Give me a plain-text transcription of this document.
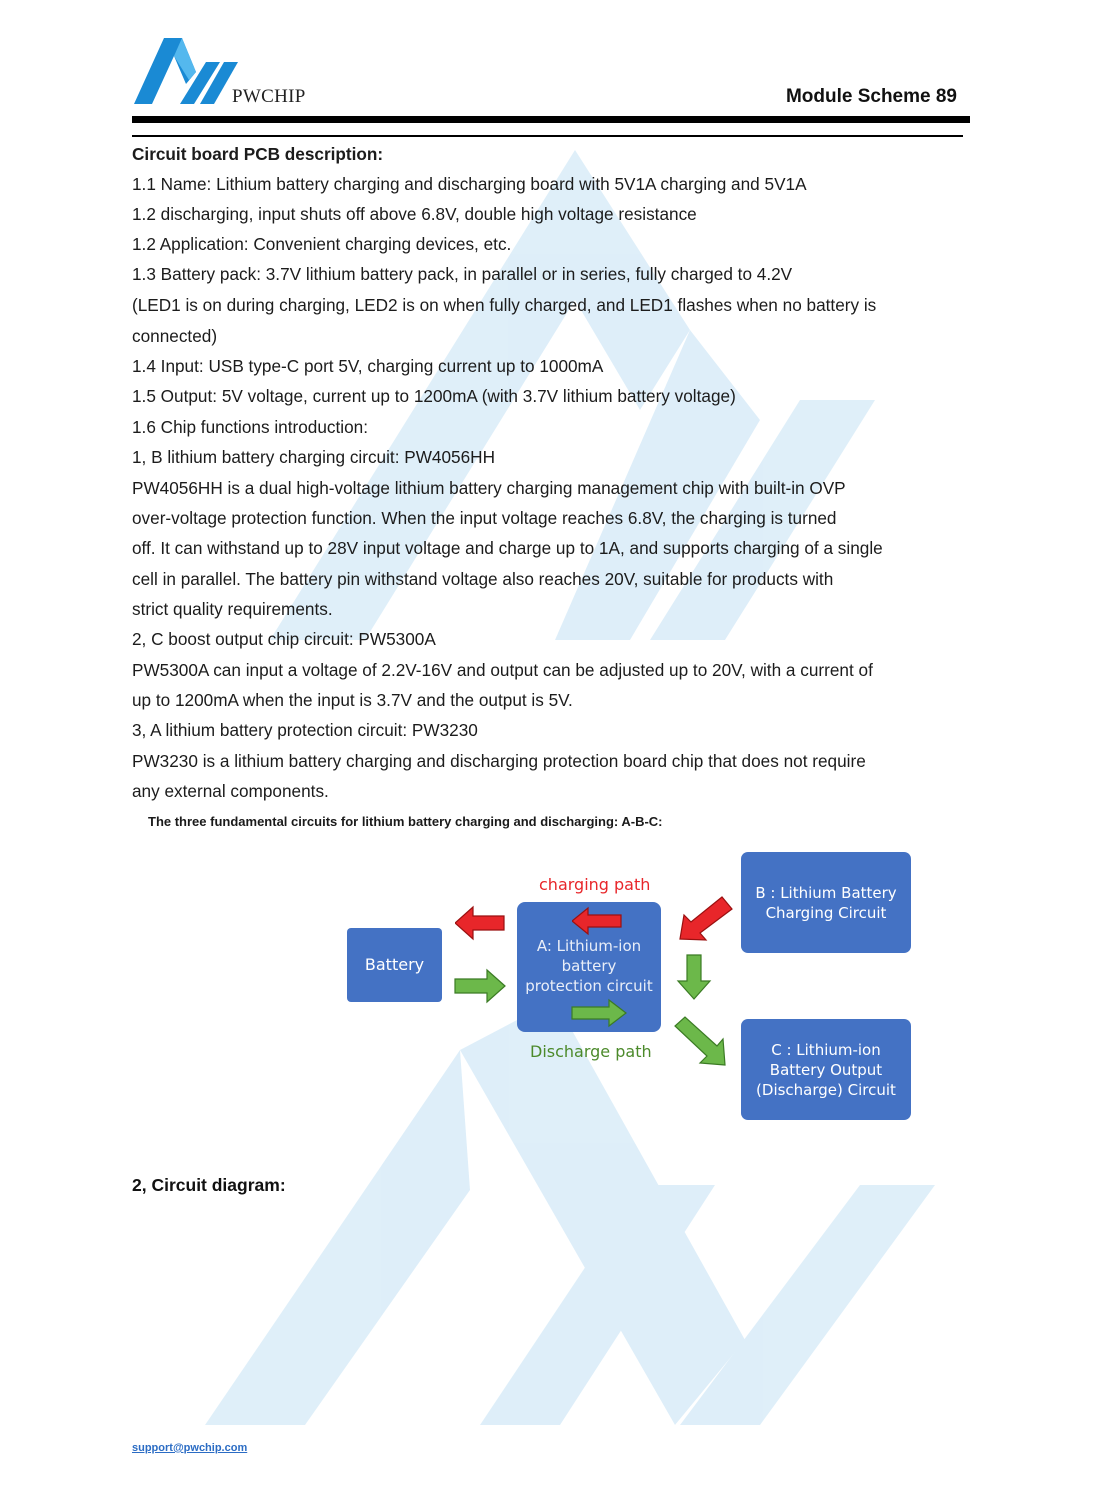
PWCHIP	Module Scheme 89
Circuit board PCB description:
1.1 Name: Lithium battery charging and discharging board with 5V1A charging and 5V1A
1.2 discharging, input shuts off above 6.8V, double high voltage resistance
1.2 Application: Convenient charging devices, etc.
1.3 Battery pack: 3.7V lithium battery pack, in parallel or in series, fully charged to 4.2V
(LED1 is on during charging, LED2 is on when fully charged, and LED1 flashes when no battery is
connected)
1.4 Input: USB type-C port 5V, charging current up to 1000mA
1.5 Output: 5V voltage, current up to 1200mA (with 3.7V lithium battery voltage)
1.6 Chip functions introduction:
1, B lithium battery charging circuit: PW4056HH
PW4056HH is a dual high-voltage lithium battery charging management chip with built-in OVP
over-voltage protection function. When the input voltage reaches 6.8V, the charging is turned
off. It can withstand up to 28V input voltage and charge up to 1A, and supports charging of a single
cell in parallel. The battery pin withstand voltage also reaches 20V, suitable for products with
strict quality requirements.
2, C boost output chip circuit: PW5300A
PW5300A can input a voltage of 2.2V-16V and output can be adjusted up to 20V, with a current of
up to 1200mA when the input is 3.7V and the output is 5V.
3, A lithium battery protection circuit: PW3230
PW3230 is a lithium battery charging and discharging protection board chip that does not require
any external components.
The three fundamental circuits for lithium battery charging and discharging: A-B-C:
charging path
Battery
A: Lithium-ion
battery
protection circuit
B : Lithium Battery
Charging Circuit
C : Lithium-ion
Battery Output
(Discharge) Circuit
Discharge path
2, Circuit diagram:
support@pwchip.com
